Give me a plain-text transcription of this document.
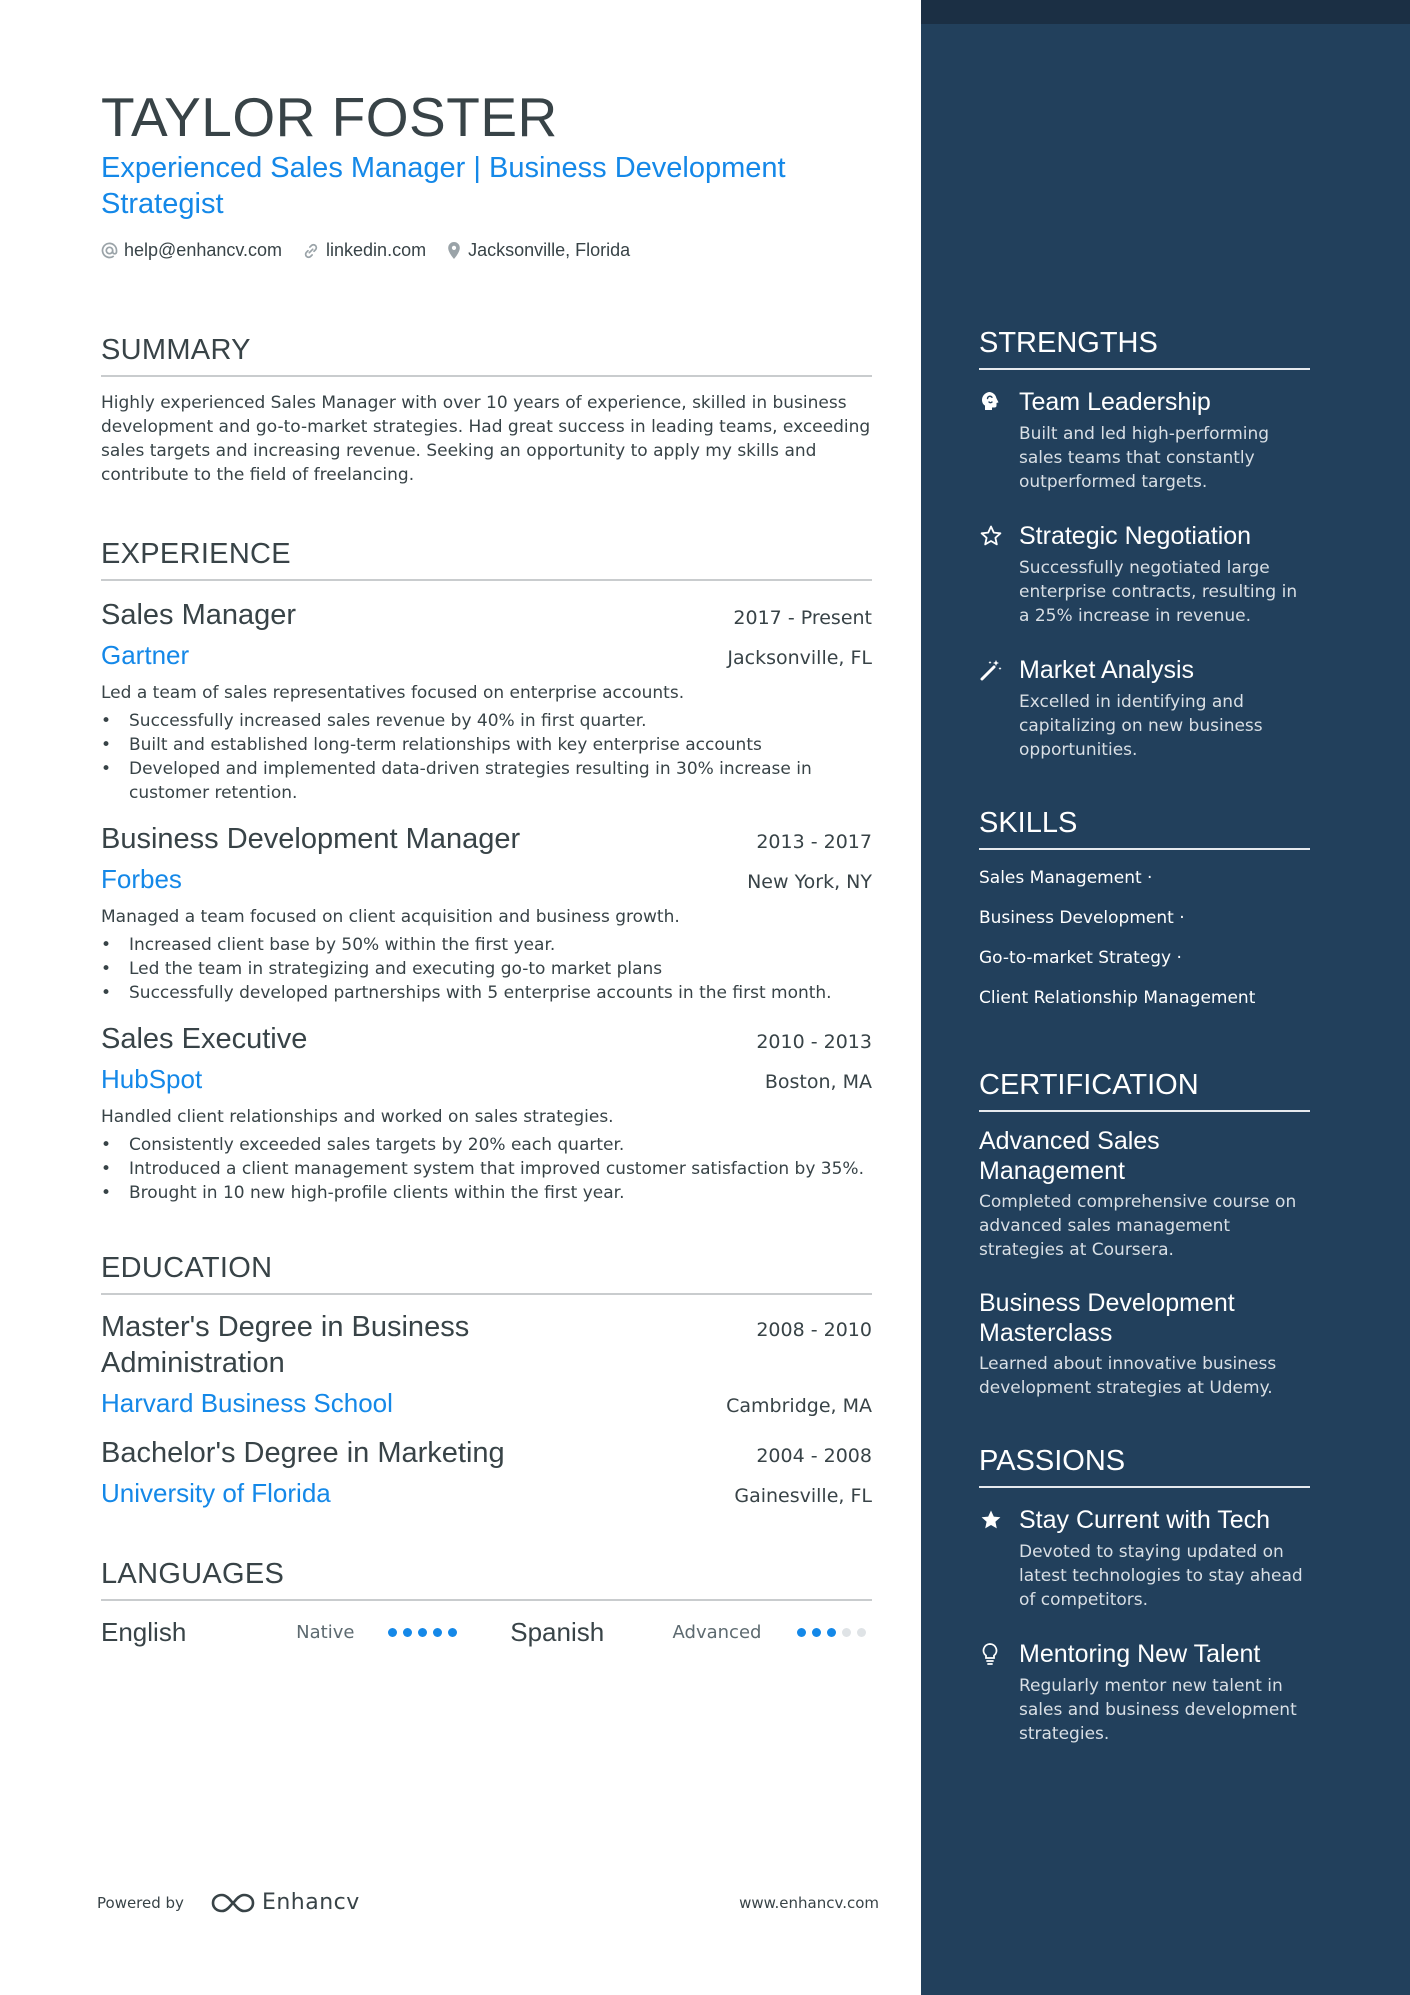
TAYLOR FOSTER
Experienced Sales Manager | Business Development Strategist
help@enhancv.com linkedin.com Jacksonville, Florida
SUMMARY

Highly experienced Sales Manager with over 10 years of experience, skilled in business development and go-to-market strategies. Had great success in leading teams, exceeding sales targets and increasing revenue. Seeking an opportunity to apply my skills and contribute to the field of freelancing.

EXPERIENCE
Sales Manager	2017 - Present
Gartner	Jacksonville, FL
Led a team of sales representatives focused on enterprise accounts.
• Successfully increased sales revenue by 40% in first quarter.
• Built and established long-term relationships with key enterprise accounts
• Developed and implemented data-driven strategies resulting in 30% increase in customer retention.
Business Development Manager	2013 - 2017
Forbes	New York, NY
Managed a team focused on client acquisition and business growth.
• Increased client base by 50% within the first year.
• Led the team in strategizing and executing go-to market plans
• Successfully developed partnerships with 5 enterprise accounts in the first month.
Sales Executive	2010 - 2013
HubSpot	Boston, MA
Handled client relationships and worked on sales strategies.
• Consistently exceeded sales targets by 20% each quarter.
• Introduced a client management system that improved customer satisfaction by 35%.
• Brought in 10 new high-profile clients within the first year.
EDUCATION
Master's Degree in Business Administration
2008 - 2010
Harvard Business School	Cambridge, MA
Bachelor's Degree in Marketing	2004 - 2008
University of Florida	Gainesville, FL
LANGUAGES
English	Native	Spanish	Advanced
Powered by	Enhancv	www.enhancv.com
STRENGTHS
Team Leadership
Built and led high-performing sales teams that constantly outperformed targets.
Strategic Negotiation
Successfully negotiated large enterprise contracts, resulting in a 25% increase in revenue.
Market Analysis
Excelled in identifying and capitalizing on new business opportunities.
SKILLS
Sales Management ·
Business Development ·
Go-to-market Strategy ·
Client Relationship Management
CERTIFICATION
Advanced Sales Management
Completed comprehensive course on advanced sales management strategies at Coursera.
Business Development Masterclass
Learned about innovative business development strategies at Udemy.
PASSIONS
Stay Current with Tech
Devoted to staying updated on latest technologies to stay ahead of competitors.
Mentoring New Talent
Regularly mentor new talent in sales and business development strategies.
